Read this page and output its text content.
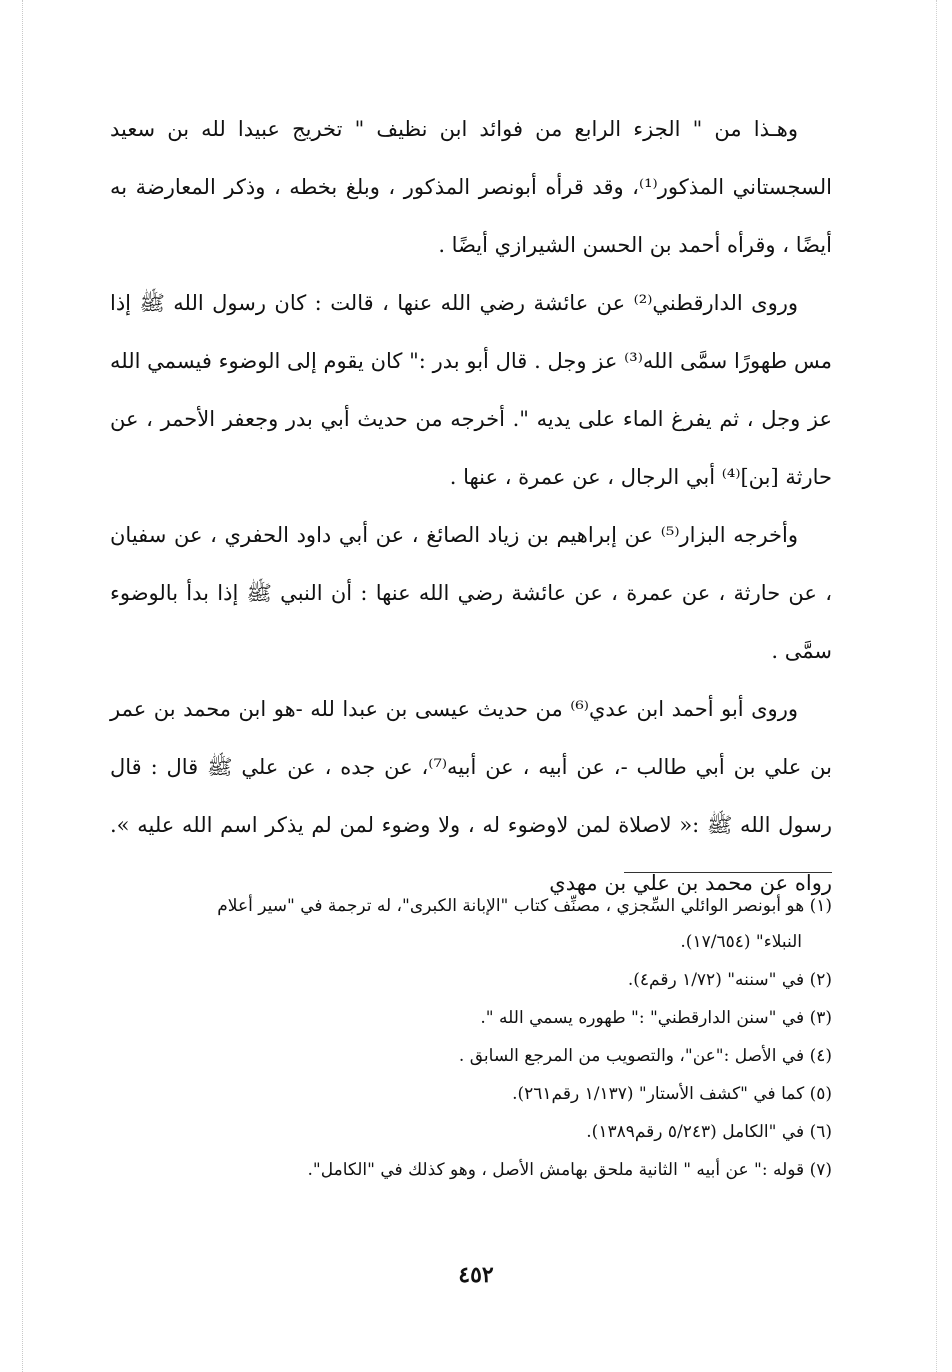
وهـذا من " الجزء الرابع من فوائد ابن نظيف " تخريج عبيدا لله بن سعيد السجستاني المذكور⁽¹⁾، وقد قرأه أبونصر المذكور ، وبلغ بخطه ، وذكر المعارضة به أيضًا ، وقرأه أحمد بن الحسن الشيرازي أيضًا .

وروى الدارقطني⁽²⁾ عن عائشة رضي الله عنها ، قالت : كان رسول الله ﷺ إذا مس طهورًا سمَّى الله⁽³⁾ عز وجل . قال أبو بدر :" كان يقوم إلى الوضوء فيسمي الله عز وجل ، ثم يفرغ الماء على يديه ". أخرجه من حديث أبي بدر وجعفر الأحمر ، عن حارثة [بن]⁽⁴⁾ أبي الرجال ، عن عمرة ، عنها .

وأخرجه البزار⁽⁵⁾ عن إبراهيم بن زياد الصائغ ، عن أبي داود الحفري ، عن سفيان ، عن حارثة ، عن عمرة ، عن عائشة رضي الله عنها : أن النبي ﷺ إذا بدأ بالوضوء سمَّى .

وروى أبو أحمد ابن عدي⁽⁶⁾ من حديث عيسى بن عبدا لله -هو ابن محمد بن عمر بن علي بن أبي طالب -، عن أبيه ، عن أبيه⁽⁷⁾، عن جده ، عن علي ﷺ قال : قال رسول الله ﷺ :« لاصلاة لمن لاوضوء له ، ولا وضوء لمن لم يذكر اسم الله عليه ». رواه عن محمد بن علي بن مهدي

(١) هو أبونصر الوائلي السِّجزي ، مصنِّف كتاب "الإبانة الكبرى"، له ترجمة في "سير أعلام
النبلاء" (١٧/٦٥٤).

(٢) في "سننه" (١/٧٢ رقم٤).

(٣) في "سنن الدارقطني" :" طهوره يسمي الله ".

(٤) في الأصل :"عن"، والتصويب من المرجع السابق .

(٥) كما في "كشف الأستار" (١/١٣٧ رقم٢٦١).

(٦) في "الكامل (٥/٢٤٣ رقم١٣٨٩).

(٧) قوله :" عن أبيه " الثانية ملحق بهامش الأصل ، وهو كذلك في "الكامل".

٤٥٢
